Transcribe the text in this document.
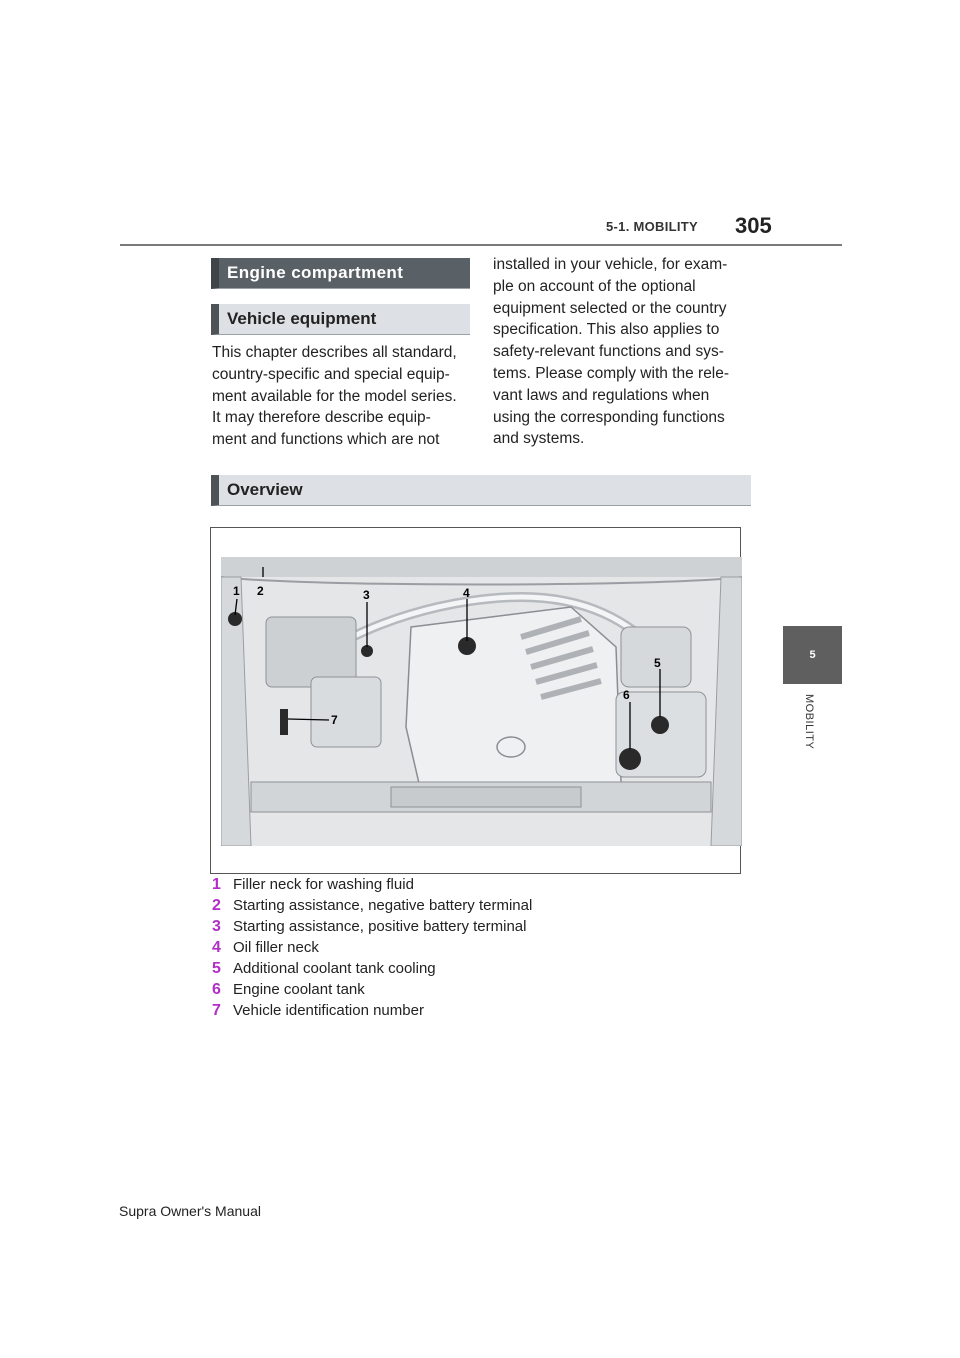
5-1. MOBILITY 305
5
MOBILITY
Engine compartment
Vehicle equipment
This chapter describes all standard,
country-specific and special equip-
ment available for the model series.
It may therefore describe equip-
ment and functions which are not
installed in your vehicle, for exam-
ple on account of the optional
equipment selected or the country
specification. This also applies to
safety-relevant functions and sys-
tems. Please comply with the rele-
vant laws and regulations when
using the corresponding functions
and systems.
Overview
1 2	3	4
5
6
7
1 Filler neck for washing fluid
2 Starting assistance, negative battery terminal
3 Starting assistance, positive battery terminal
4 Oil filler neck
5 Additional coolant tank cooling
6 Engine coolant tank
7 Vehicle identification number
Supra Owner's Manual
